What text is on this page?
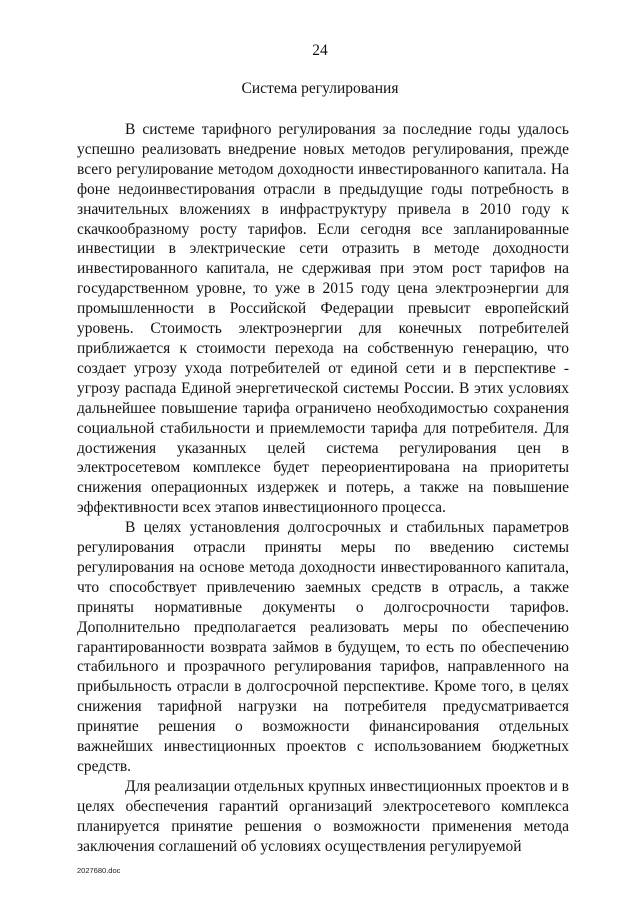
24
Система регулирования

В системе тарифного регулирования за последние годы удалось успешно реализовать внедрение новых методов регулирования, прежде всего регулирование методом доходности инвестированного капитала. На фоне недоинвестирования отрасли в предыдущие годы потребность в значительных вложениях в инфраструктуру привела в 2010 году к скачкообразному росту тарифов. Если сегодня все запланированные инвестиции в электрические сети отразить в методе доходности инвестированного капитала, не сдерживая при этом рост тарифов на государственном уровне, то уже в 2015 году цена электроэнергии для промышленности в Российской Федерации превысит европейский уровень. Стоимость электроэнергии для конечных потребителей приближается к стоимости перехода на собственную генерацию, что создает угрозу ухода потребителей от единой сети и в перспективе - угрозу распада Единой энергетической системы России. В этих условиях дальнейшее повышение тарифа ограничено необходимостью сохранения социальной стабильности и приемлемости тарифа для потребителя. Для достижения указанных целей система регулирования цен в электросетевом комплексе будет переориентирована на приоритеты снижения операционных издержек и потерь, а также на повышение эффективности всех этапов инвестиционного процесса.

В целях установления долгосрочных и стабильных параметров регулирования отрасли приняты меры по введению системы регулирования на основе метода доходности инвестированного капитала, что способствует привлечению заемных средств в отрасль, а также приняты нормативные документы о долгосрочности тарифов. Дополнительно предполагается реализовать меры по обеспечению гарантированности возврата займов в будущем, то есть по обеспечению стабильного и прозрачного регулирования тарифов, направленного на прибыльность отрасли в долгосрочной перспективе. Кроме того, в целях снижения тарифной нагрузки на потребителя предусматривается принятие решения о возможности финансирования отдельных важнейших инвестиционных проектов с использованием бюджетных средств.

Для реализации отдельных крупных инвестиционных проектов и в целях обеспечения гарантий организаций электросетевого комплекса планируется принятие решения о возможности применения метода заключения соглашений об условиях осуществления регулируемой

2027680.doc
